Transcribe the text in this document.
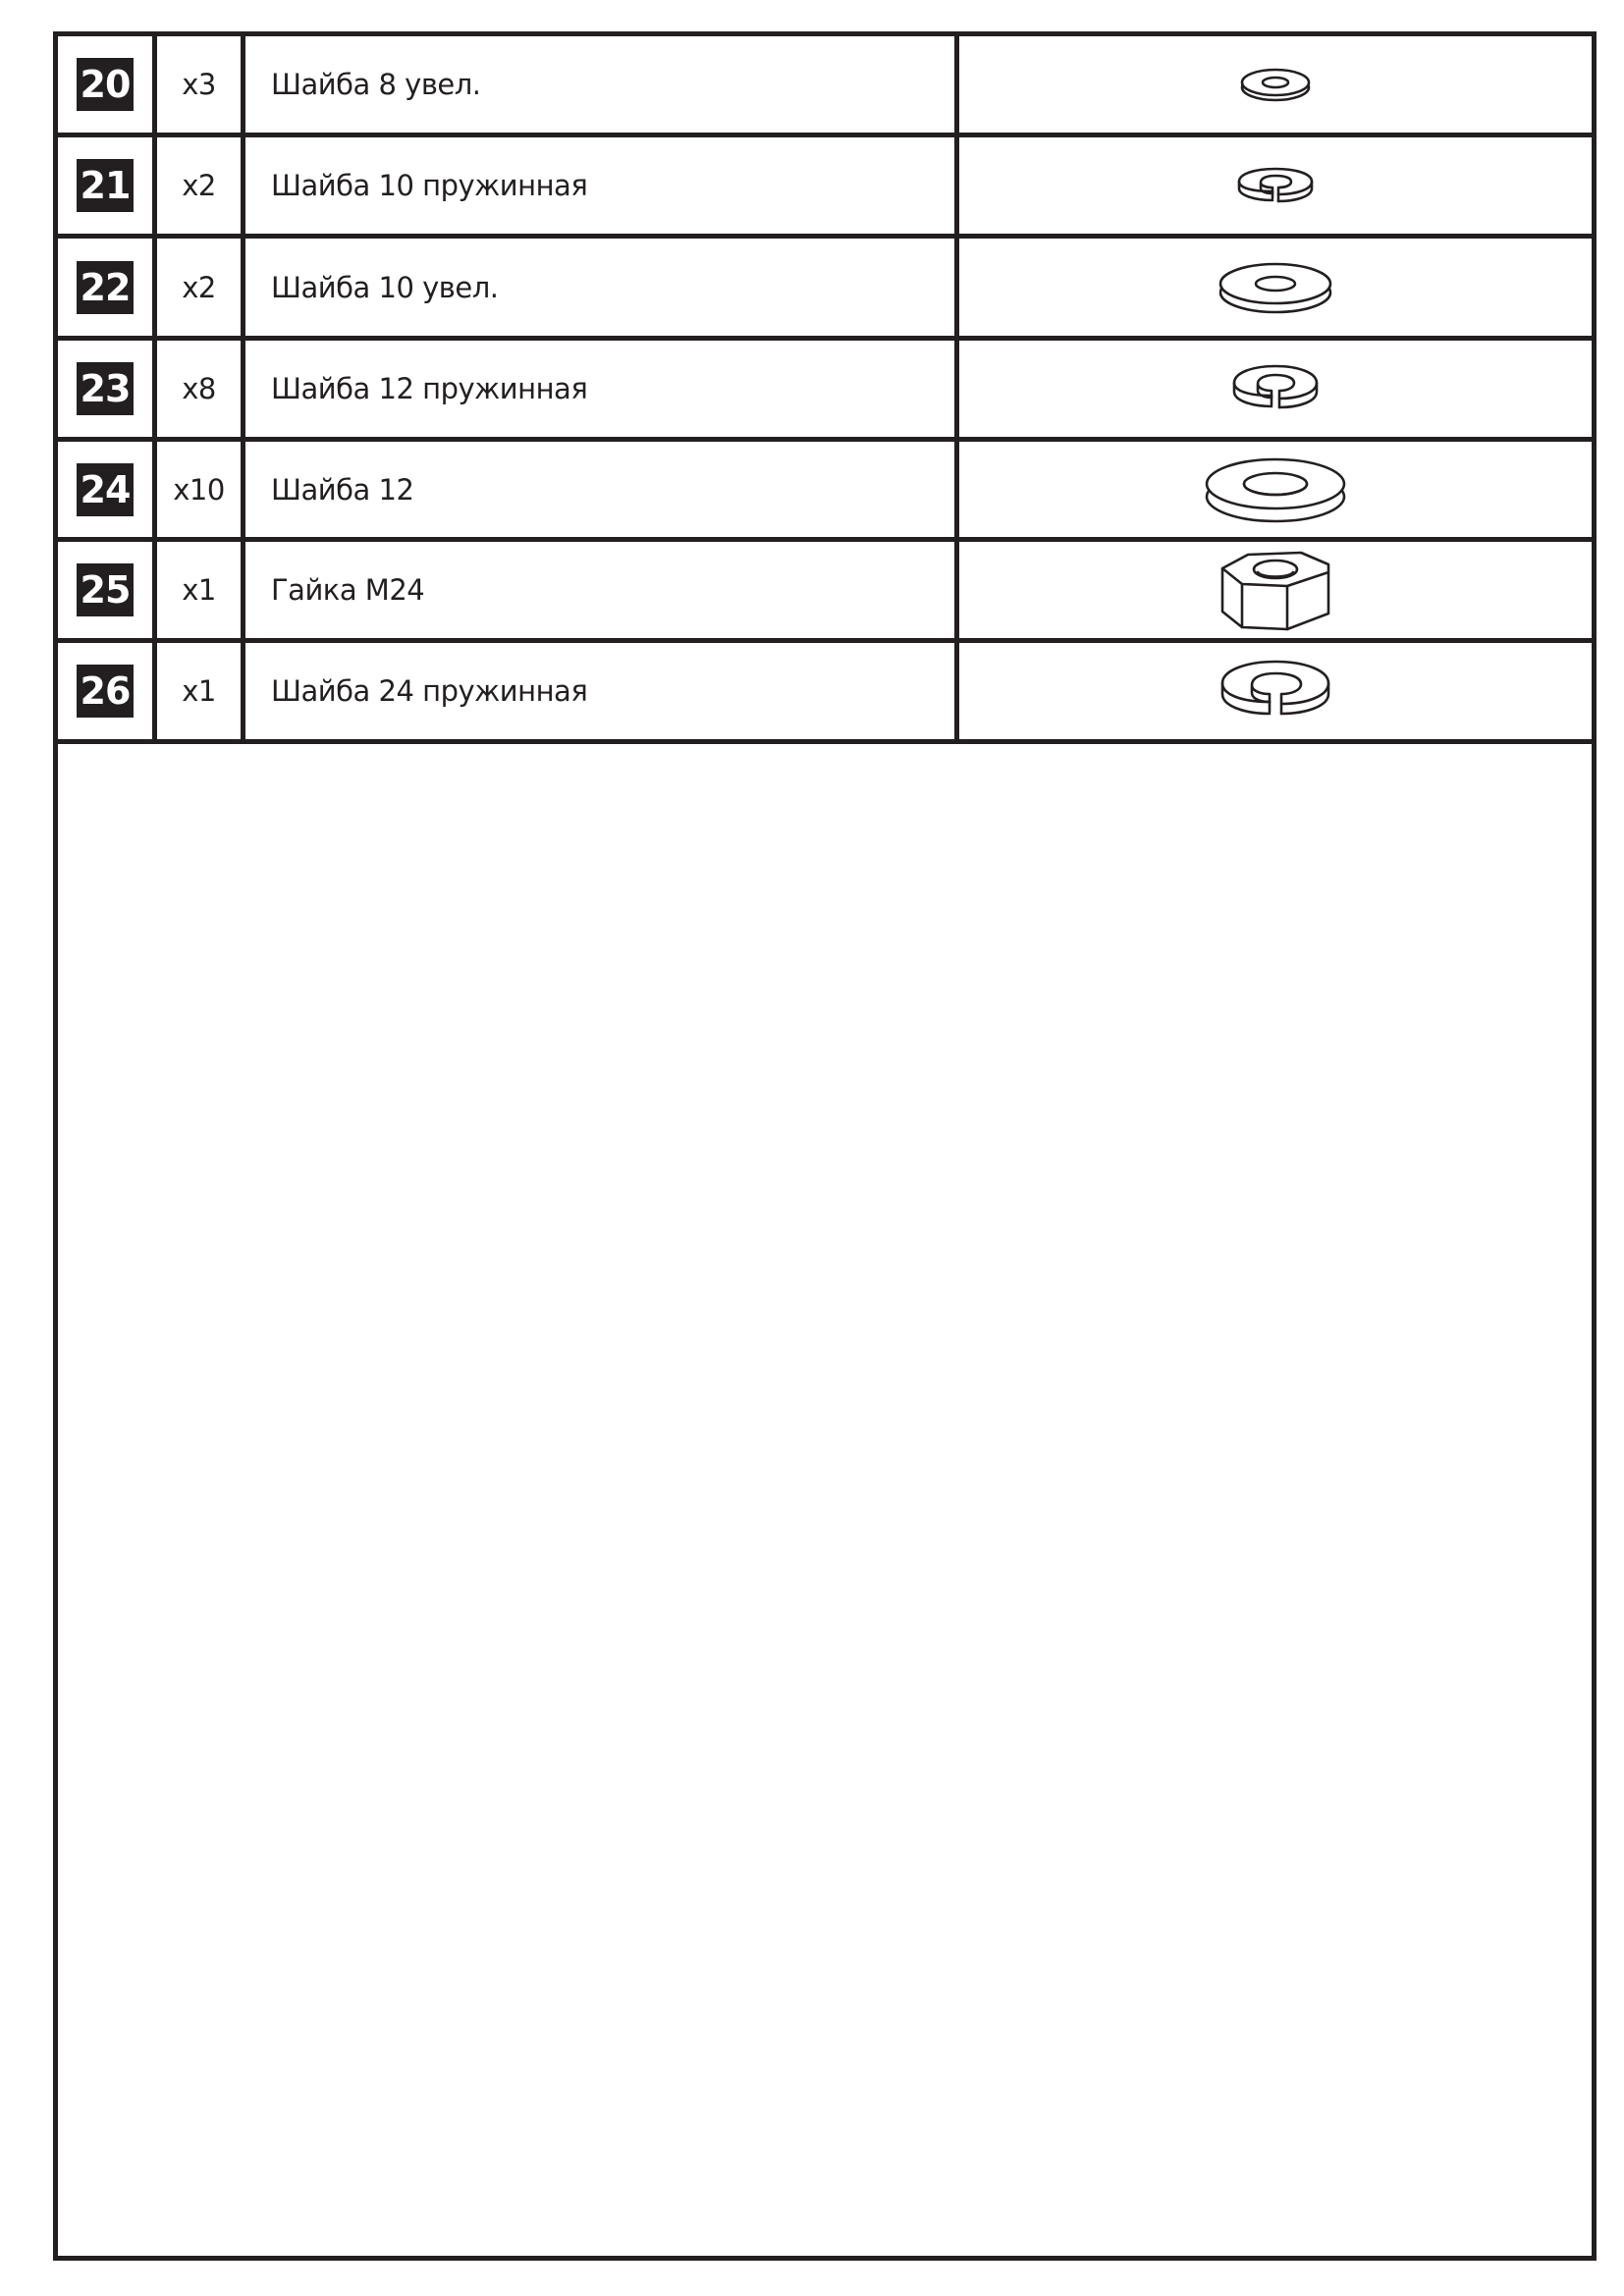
20 x3 Шайба 8 увел.
21 x2 Шайба 10 пружинная
22 x2 Шайба 10 увел.
23 x8 Шайба 12 пружинная
24 x10 Шайба 12
25 x1 Гайка М24
26 x1 Шайба 24 пружинная
